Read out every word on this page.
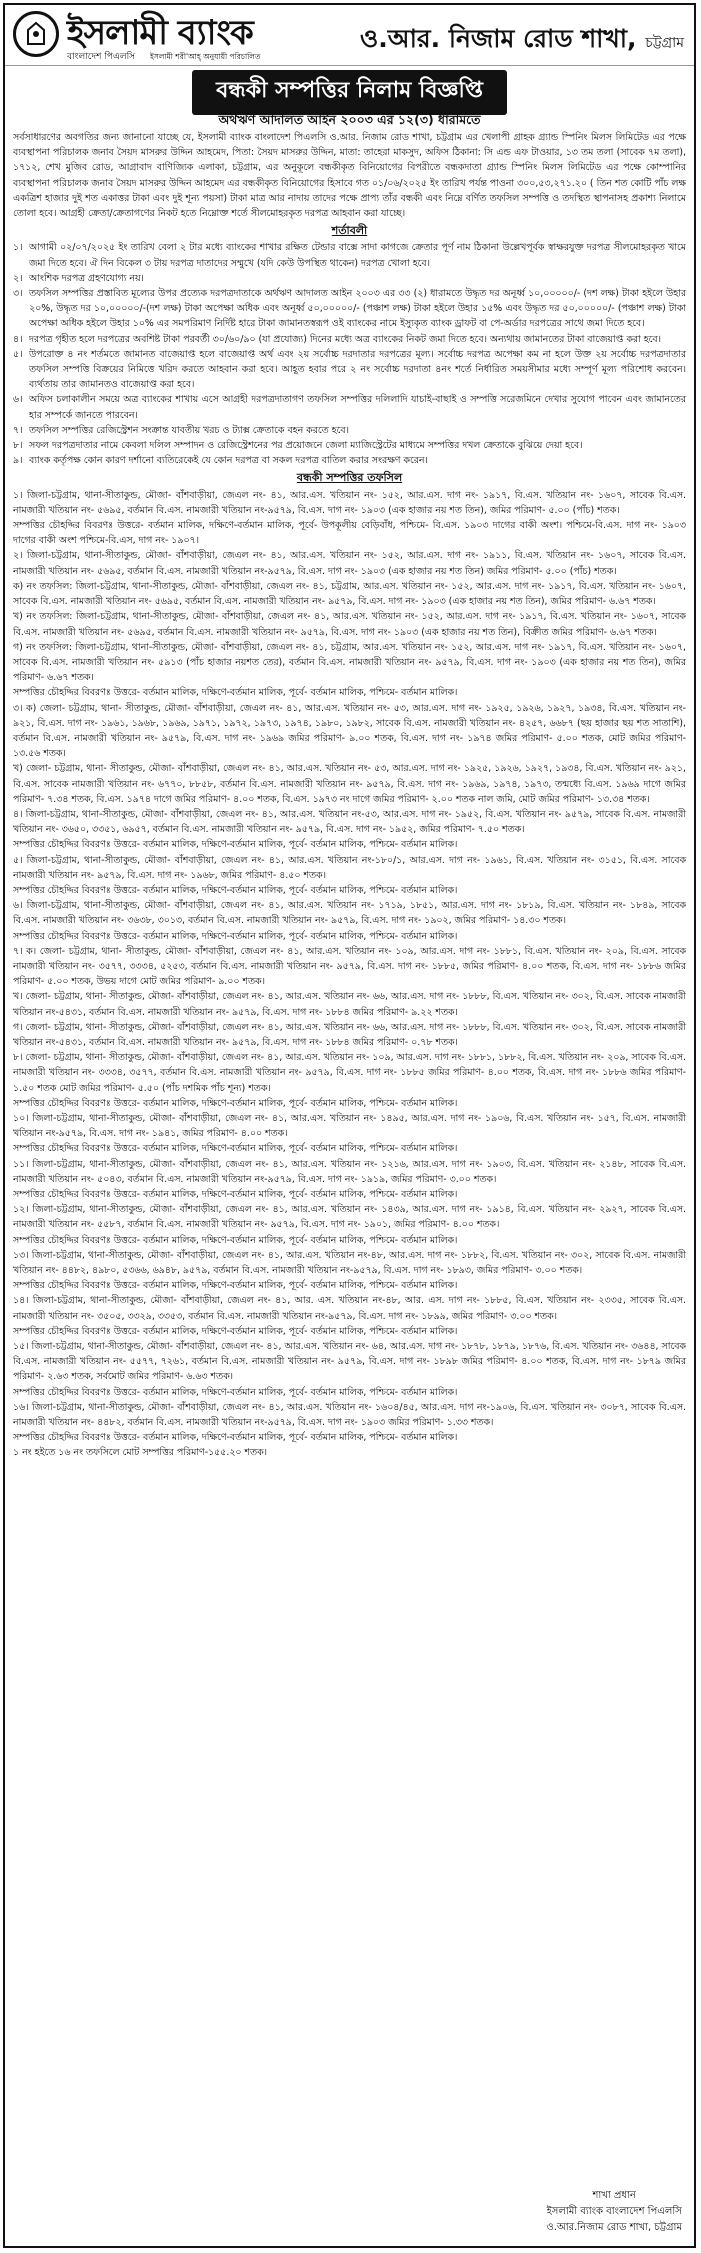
ইসলামী ব্যাংক
বাংলাদেশ পিএলসি ইসলামী শরী'আহ্ অনুযায়ী পরিচালিত
ও.আর. নিজাম রোড শাখা, চট্টগ্রাম
বন্ধকী সম্পত্তির নিলাম বিজ্ঞপ্তি
অর্থঋণ আদালত আইন ২০০৩ এর ১২(৩) ধারামতে

সর্বসাধারণের অবগতির জন্য জানানো যাচ্ছে যে, ইসলামী ব্যাংক বাংলাদেশ পিএলসি ও.আর. নিজাম রোড শাখা, চট্টগ্রাম এর খেলাপী গ্রাহক গ্র্যান্ড স্পিনিং মিলস লিমিটেড এর পক্ষে ব্যবস্থাপনা পরিচালক জনাব সৈয়দ মাসরুর উদ্দিন আহমেদ, পিতা: সৈয়দ মাসরুর উদ্দিন, মাতা: তাহেরা মাকসুদ, অফিস ঠিকানা: সি এন্ড এফ টাওয়ার, ১৩ তম তলা (সাবেক ৭ম তলা), ১৭১২, শেখ মুজিব রোড, আগ্রাবাদ বাণিজ্যিক এলাকা, চট্টগ্রাম, এর অনুকূলে বন্ধকীকৃত বিনিয়োগের বিপরীতে বন্ধকদাতা গ্র্যান্ড স্পিনিং মিলস লিমিটেড এর পক্ষে কোম্পানির ব্যবস্থাপনা পরিচালক জনাব সৈয়দ মাসরুর উদ্দিন আহমেদ এর বন্ধকীকৃত বিনিয়োগের হিসাবে গত ০১/০৬/২০২৫ ইং তারিখ পর্যন্ত পাওনা ৩০০,৫৩,২৭১.২০ ( তিন শত কোটি পাঁচ লক্ষ একত্রিশ হাজার দুই শত একাত্তর টাকা এবং দুই শূন্য পয়সা) টাকা মাত্র আর নাদায় তাদের পক্ষে প্রাপ্য তাঁর বন্ধকী এবং নিম্নে বর্ণিত তফসিল সম্পত্তি ও তদস্থিত স্থাপনাসহ প্রকাশ্য নিলামে তোলা হবে। আগ্রহী ক্রেতা/ক্রেতাগণের নিকট হতে নিম্নোক্ত শর্তে সীলমোহরকৃত দরপত্র আহবান করা যাচ্ছে।

শর্তাবলী
১। আগামী ০২/০৭/২০২৫ ইং তারিখ বেলা ২ টার মধ্যে ব্যাংকের শাখার রক্ষিত টেন্ডার বাক্সে সাদা কাগজে ক্রেতার পূর্ণ নাম ঠিকানা উল্লেখপূর্বক স্বাক্ষরযুক্ত দরপত্র সীলমোহরকৃত খামে জমা দিতে হবে। ঐ দিন বিকেল ৩ টায় দরপত্র দাতাদের সম্মুখে (যদি কেউ উপস্থিত থাকেন) দরপত্র খোলা হবে।
২। আংশিক দরপত্র গ্রহণযোগ্য নয়।
৩। তফসিল সম্পত্তির প্রস্তাবিত মূল্যের উপর প্রত্যেক দরপত্রদাতাকে অর্থঋণ আদালত আইন ২০০৩ এর ৩৩ (২) ধারামতে উদ্ধৃত দর অনূর্ধ্ব ১০,০০০০০/- (দশ লক্ষ) টাকা হইলে উহার ২০%, উদ্ধৃত দর ১০,০০০০০/-(দশ লক্ষ) টাকা অপেক্ষা অধিক এবং অনূর্ধ্ব ৫০,০০০০০/- (পঞ্চাশ লক্ষ) টাকা হইলে উহার ১৫% এবং উদ্ধৃত দর ৫০,০০০০০/- (পঞ্চাশ লক্ষ) টাকা অপেক্ষা অধিক হইলে উহার ১০% এর সমপরিমাণ নির্দিষ্ট হারে টাকা জামানতস্বরূপ ওই ব্যাংকের নামে ইস্যুকৃত ব্যাংক ড্রাফট বা পে-অর্ডার দরপত্রের সাথে জমা দিতে হবে।
৪। দরপত্র গৃহীত হলে দরপত্রের অবশিষ্ট টাকা পরবর্তী ৩০/৬০/৯০ (যা প্রযোজ্য) দিনের মধ্যে অত্র ব্যাংকের নিকট জমা দিতে হবে। অন্যথায় জামানতের টাকা বাজেয়াপ্ত করা হবে।
৫। উপরোক্ত ৪ নং শর্তমতে জামানত বাজেয়াপ্ত হলে বাজেয়াপ্ত অর্থ এবং ২য় সর্বোচ্চ দরদাতার দরপত্রের মূল্য। সর্বোচ্চ দরপত্র অপেক্ষা কম না হলে উক্ত ২য় সর্বোচ্চ দরপত্রদাতার তফসিল সম্পত্তি বিক্রয়ের নিমিত্তে খরিদ করতে আহবান করা হবে। আহূত হবার পরে ২ নং সর্বোচ্চ দরদাতা ৪নং শর্তে নির্ধারিত সময়সীমার মধ্যে সম্পূর্ণ মূল্য পরিশোধ করবেন। ব্যর্থতায় তার জামানতও বাজেয়াপ্ত করা হবে।
৬। অফিস চলাকালীন সময়ে অত্র ব্যাংকের শাখায় এসে আগ্রহী দরপত্রদাতাগণ তফসিল সম্পত্তির দলিলাদি যাচাই-বাছাই ও সম্পত্তি সরেজমিনে দেখার সুযোগ পাবেন এবং জামানতের হার সম্পর্কে জানতে পারবেন।
৭। তফসিল সম্পত্তির রেজিস্ট্রেশন সংক্রান্ত যাবতীয় খরচ ও ট্যাক্স ক্রেতাকে বহন করতে হবে।
৮। সফল দরপত্রদাতার নামে কেবলা দলিল সম্পাদন ও রেজিস্ট্রেশনের পর প্রয়োজনে জেলা ম্যাজিস্ট্রেটের মাধ্যমে সম্পত্তির দখল ক্রেতাকে বুঝিয়ে দেয়া হবে।
৯। ব্যাংক কর্তৃপক্ষ কোন কারণ দর্শানো ব্যতিরেকেই যে কোন দরপত্র বা সকল দরপত্র বাতিল করার সংরক্ষণ করেন।
বন্ধকী সম্পত্তির তফসিল

১। জিলা-চট্টগ্রাম, থানা-সীতাকুন্ড, মৌজা- বাঁশবাড়ীয়া, জেএল নং- ৪১, আর.এস. খতিয়ান নং- ১৫২, আর.এস. দাগ নং- ১৯১৭, বি.এস. খতিয়ান নং- ১৬০৭, সাবেক বি.এস. নামজারী খতিয়ান নং- ৫৬৯৫, বর্তমান বি.এস. নামজারী খতিয়ান নং-৯৫৭৯, বি.এস. দাগ নং- ১৯০৩ (এক হাজার নয় শত তিন), জমির পরিমাণ- ৫.০০ (পাঁচ) শতক।

সম্পত্তির চৌহদ্দির বিবরণঃ উত্তরে- বর্তমান মালিক, দক্ষিণে-বর্তমান মালিক, পূর্বে- উপকূলীয় বেড়িবাঁধ, পশ্চিমে- বি.এস. ১৯০৩ দাগের বাকী অংশ। পশ্চিমে-বি.এস. দাগ নং- ১৯০৩ দাগের বাকী অংশ পশ্চিমে-বি.এস, দাগ নং- ১৯০৭।

২। জিলা-চট্টগ্রাম, থানা-সীতাকুন্ড, মৌজা- বাঁশবাড়ীয়া, জেএল নং- ৪১, আর.এস. খতিয়ান নং- ১৫২, আর.এস. দাগ নং- ১৯১১, বি.এস. খতিয়ান নং- ১৬০৭, সাবেক বি.এস. নামজারী খতিয়ান নং- ৫৬৯৫, বর্তমান বি.এস. নামজারী খতিয়ান নং-৯৫৭৯, বি.এস. দাগ নং- ১৯০৩ (এক হাজার নয় শত তিন) জমির পরিমাণ- ৫.০০ (পাঁচ) শতক।

ক) নং তফসিল: জিলা-চট্টগ্রাম, থানা-সীতাকুন্ড, মৌজা- বাঁশবাড়ীয়া, জেএল নং- ৪১, চট্টগ্রাম, আর.এস. খতিয়ান নং- ১৫২, আর.এস. দাগ নং- ১৯১৭, বি.এস. খতিয়ান নং- ১৬০৭, সাবেক বি.এস. নামজারী খতিয়ান নং- ৫৬৯৫, বর্তমান বি.এস. নামজারী খতিয়ান নং- ৯৫৭৯, বি.এস. দাগ নং- ১৯০৩ (এক হাজার নয় শত তিন), জমির পরিমাণ- ৬.৬৭ শতক।

খ) নং তফসিল: জিলা-চট্টগ্রাম, থানা-সীতাকুন্ড, মৌজা- বাঁশবাড়ীয়া, জেএল নং- ৪১, আর.এস. খতিয়ান নং- ১৫২, আর.এস. দাগ নং- ১৯১৭, বি.এস. খতিয়ান নং- ১৬০৭, সাবেক বি.এস. নামজারী খতিয়ান নং- ৫৬৯৫, বর্তমান বি.এস. নামজারী খতিয়ান নং- ৯৫৭৯, বি.এস. দাগ নং- ১৯০৩ (এক হাজার নয় শত তিন), বিক্রীত জমির পরিমাণ- ৬.৬৭ শতক।

গ) নং তফসিল: জিলা-চট্টগ্রাম, থানা-সীতাকুন্ড, মৌজা- বাঁশবাড়ীয়া, জেএল নং- ৪১, চট্টগ্রাম, আর.এস. খতিয়ান নং- ১৫২, আর.এস. দাগ নং- ১৯১৭, বি.এস. খতিয়ান নং- ১৬০৭, সাবেক বি.এস. নামজারী খতিয়ান নং- ৫৯১৩ (পাঁচ হাজার নয়শত তের), বর্তমান বি.এস. নামজারী খতিয়ান নং- ৯৫৭৯, বি.এস. দাগ নং- ১৯০৩ (এক হাজার নয় শত তিন), জমির পরিমাণ- ৬.৬৭ শতক।

সম্পত্তির চৌহদ্দির বিবরণঃ উত্তরে- বর্তমান মালিক, দক্ষিণে-বর্তমান মালিক, পূর্বে- বর্তমান মালিক, পশ্চিমে- বর্তমান মালিক।

৩। ক) জেলা- চট্টগ্রাম, থানা- সীতাকুন্ড, মৌজা- বাঁশবাড়ীয়া, জেএল নং- ৪১, আর.এস. খতিয়ান নং- ৫৩, আর.এস. দাগ নং- ১৯২৫, ১৯২৬, ১৯২৭, ১৯৩৪, বি.এস. খতিয়ান নং- ৯২১, বি.এস. দাগ নং- ১৯৬১, ১৯৬৮, ১৯৬৯, ১৯৭১, ১৯৭২, ১৯৭৩, ১৯৭৪, ১৯৮০, ১৯৮২, সাবেক বি.এস. নামজারী খতিয়ান নং- ৪২৫৭, ৬৬৮৭ (ছয় হাজার ছয় শত সাতাশি), বর্তমান বি.এস. নামজারী খতিয়ান নং- ৯৫৭৯, বি.এস. দাগ নং- ১৯৬৯ জমির পরিমাণ- ৯.০০ শতক, বি.এস. দাগ নং- ১৯৭৪ জমির পরিমাণ- ৫.০০ শতক, মোট জমির পরিমাণ- ১৩.৫৬ শতক।

খ) জেলা- চট্টগ্রাম, থানা- সীতাকুন্ড, মৌজা- বাঁশবাড়ীয়া, জেএল নং- ৪১, আর.এস. খতিয়ান নং- ৫৩, আর.এস. দাগ নং- ১৯২৫, ১৯২৬, ১৯২৭, ১৯৩৪, বি.এস. খতিয়ান নং- ৯২১, বি.এস. সাবেক নামজারী খতিয়ান নং- ৬৭৭০, ৮৮৫৮, বর্তমান বি.এস. নামজারী খতিয়ান নং- ৯৫৭৯, বি.এস. দাগ নং- ১৯৬৯, ১৯৭৪, ১৯৭৩, তন্মধ্যে বি.এস. ১৯৬৯ দাগে জমির পরিমাণ- ৭.৩৪ শতক, বি.এস. ১৯৭৪ দাগে জমির পরিমাণ- ৪.০০ শতক, বি.এস. ১৯৭৩ নং দাগে জমির পরিমাণ- ২.০০ শতক নাল জমি, মোট জমির পরিমাণ- ১৩.৩৪ শতক।

৪। জিলা-চট্টগ্রাম, থানা-সীতাকুন্ড, মৌজা- বাঁশবাড়ীয়া, জেএল নং- ৪১, আর.এস. খতিয়ান নং-৫৩, আর.এস. দাগ নং- ১৯৫২, বি.এস. খতিয়ান নং- ৯৫৭৯, সাবেক বি.এস. নামজারী খতিয়ান নং- ৩৬৫০, ৩৩৫১, ৬৯৫৭, বর্তমান বি.এস. নামজারী খতিয়ান নং- ৯৫৭৯, বি.এস. দাগ নং- ১৯৫২, জমির পরিমাণ- ৭.৫০ শতক।

সম্পত্তির চৌহদ্দির বিবরণঃ উত্তরে- বর্তমান মালিক, দক্ষিণে-বর্তমান মালিক, পূর্বে- বর্তমান মালিক, পশ্চিমে- বর্তমান মালিক।

৫। জিলা-চট্টগ্রাম, থানা-সীতাকুন্ড, মৌজা- বাঁশবাড়ীয়া, জেএল নং- ৪১, আর.এস. খতিয়ান নং-১৮০/১, আর.এস. দাগ নং- ১৯৬১, বি.এস. খতিয়ান নং- ৩১৫১, বি.এস. সাবেক নামজারী খতিয়ান নং- ৯৫৭৯, বি.এস. দাগ নং- ১৯৬৮, জমির পরিমাণ- ৪.৫০ শতক।

সম্পত্তির চৌহদ্দির বিবরণঃ উত্তরে- বর্তমান মালিক, দক্ষিণে-বর্তমান মালিক, পূর্বে- বর্তমান মালিক, পশ্চিমে- বর্তমান মালিক।

৬। জিলা-চট্টগ্রাম, থানা-সীতাকুন্ড, মৌজা- বাঁশবাড়ীয়া, জেএল নং- ৪১, আর.এস. খতিয়ান নং- ১৭১৯, ১৮৫১, আর.এস. দাগ নং- ১৮১৯, বি.এস. খতিয়ান নং- ১৮৪৯, সাবেক বি.এস. নামজারী খতিয়ান নং- ৩৬৩৮, ৩০১৩, বর্তমান বি.এস. নামজারী খতিয়ান নং- ৯৫৭৯, বি.এস. দাগ নং- ১৯০২, জমির পরিমাণ- ১৪.৩০ শতক।

সম্পত্তির চৌহদ্দির বিবরণঃ উত্তরে- বর্তমান মালিক, দক্ষিণে-বর্তমান মালিক, পূর্বে- বর্তমান মালিক, পশ্চিমে- বর্তমান মালিক।

৭। ক। জেলা- চট্টগ্রাম, থানা- সীতাকুন্ড, মৌজা- বাঁশবাড়ীয়া, জেএল নং- ৪১, আর.এস. খতিয়ান নং- ১০৯, আর.এস. দাগ নং- ১৮৮১, বি.এস. খতিয়ান নং- ২০৯, বি.এস. সাবেক নামজারী খতিয়ান নং- ৩৫৭৭, ৩৩৩৪, ৫২৫৩, বর্তমান বি.এস. নামজারী খতিয়ান নং- ৯৫৭৯, বি.এস. দাগ নং- ১৮৮৫, জমির পরিমাণ- ৪.০০ শতক, বি.এস. দাগ নং- ১৮৮৬ জমির পরিমাণ- ৫.০০ শতক, উভয় দাগে মোট জমির পরিমাণ- ৯.০০ শতক।

খ। জেলা- চট্টগ্রাম, থানা- সীতাকুন্ড, মৌজা- বাঁশবাড়ীয়া, জেএল নং- ৪১, আর.এস. খতিয়ান নং- ৬৬, আর.এস. দাগ নং- ১৮৮৮, বি.এস. খতিয়ান নং- ৩০২, বি.এস. সাবেক নামজারী খতিয়ান নং-৫৪৩১, বর্তমান বি.এস. নামজারী খতিয়ান নং- ৯৫৭৯, বি.এস. দাগ নং- ১৮৮৪ জমির পরিমাণ- ৯.২২ শতক।

গ। জেলা- চট্টগ্রাম, থানা- সীতাকুন্ড, মৌজা- বাঁশবাড়ীয়া, জেএল নং- ৪১, আর.এস. খতিয়ান নং- ৬৬, আর.এস. দাগ নং- ১৮৮৮, বি.এস. খতিয়ান নং- ৩০২, বি.এস. সাবেক নামজারী খতিয়ান নং-৫৪৩১, বর্তমান বি.এস. নামজারী খতিয়ান নং- ৯৫৭৯, বি.এস. দাগ নং- ১৮৮৪ জমির পরিমাণ- ০.৭৮ শতক।

৮। জেলা- চট্টগ্রাম, থানা- সীতাকুন্ড, মৌজা- বাঁশবাড়ীয়া, জেএল নং- ৪১, আর.এস. খতিয়ান নং- ১০৯, আর.এস. দাগ নং- ১৮৮১, ১৮৮২, বি.এস. খতিয়ান নং- ২০৯, সাবেক বি.এস. নামজারী খতিয়ান নং- ৩৩৩৪, ৩৫৭৭, বর্তমান বি.এস. নামজারী খতিয়ান নং- ৯৫৭৯, বি.এস. দাগ নং- ১৮৮৫ জমির পরিমাণ- ৪.০০ শতক, বি.এস. দাগ নং- ১৮৮৬ জমির পরিমাণ- ১.৫০ শতক মোট জমির পরিমাণ- ৫.৫০ (পাঁচ দশমিক পাঁচ শূন্য) শতক।

সম্পত্তির চৌহদ্দির বিবরণঃ উত্তরে- বর্তমান মালিক, দক্ষিণে-বর্তমান মালিক, পূর্বে- বর্তমান মালিক, পশ্চিমে- বর্তমান মালিক।

১০। জিলা-চট্টগ্রাম, থানা-সীতাকুন্ড, মৌজা- বাঁশবাড়ীয়া, জেএল নং- ৪১, আর.এস. খতিয়ান নং- ১৪৯৫, আর.এস. দাগ নং- ১৯০৬, বি.এস. খতিয়ান নং- ১৫৭, বি.এস. নামজারী খতিয়ান নং-৯৫৭৯, বি.এস. দাগ নং- ১৯৪১, জমির পরিমাণ- ৪.০০ শতক।

সম্পত্তির চৌহদ্দির বিবরণঃ উত্তরে- বর্তমান মালিক, দক্ষিণে-বর্তমান মালিক, পূর্বে- বর্তমান মালিক, পশ্চিমে- বর্তমান মালিক।

১১। জিলা-চট্টগ্রাম, থানা-সীতাকুন্ড, মৌজা- বাঁশবাড়ীয়া, জেএল নং- ৪১, আর.এস. খতিয়ান নং- ১২১৬, আর.এস. দাগ নং- ১৯০৩, বি.এস. খতিয়ান নং- ২১৪৮, সাবেক বি.এস. নামজারী খতিয়ান নং- ৫০৪৩, বর্তমান বি.এস. নামজারী খতিয়ান নং-৯৫৭৯, বি.এস. দাগ নং- ১৯১৯, জমির পরিমাণ- ৩.০০ শতক।

সম্পত্তির চৌহদ্দির বিবরণঃ উত্তরে- বর্তমান মালিক, দক্ষিণে-বর্তমান মালিক, পূর্বে- বর্তমান মালিক, পশ্চিমে- বর্তমান মালিক।

১২। জিলা-চট্টগ্রাম, থানা-সীতাকুন্ড, মৌজা- বাঁশবাড়ীয়া, জেএল নং- ৪১, আর.এস. খতিয়ান নং- ১৪৩৯, আর.এস. দাগ নং- ১৯১৪, বি.এস. খতিয়ান নং- ২৯২৭, সাবেক বি.এস. নামজারী খতিয়ান নং- ৫৫৮৭, বর্তমান বি.এস. নামজারী খতিয়ান নং- ৯৫৭৯, বি.এস. দাগ নং- ১৯০১, জমির পরিমাণ- ৪.০০ শতক।

সম্পত্তির চৌহদ্দির বিবরণঃ উত্তরে- বর্তমান মালিক, দক্ষিণে-বর্তমান মালিক, পূর্বে- বর্তমান মালিক, পশ্চিমে- বর্তমান মালিক।

১৩। জিলা-চট্টগ্রাম, থানা-সীতাকুন্ড, মৌজা- বাঁশবাড়ীয়া, জেএল নং- ৪১, আর.এস. খতিয়ান নং-৪৮, আর.এস. দাগ নং- ১৮৮২, বি.এস. খতিয়ান নং- ৩০২, সাবেক বি.এস. নামজারী খতিয়ান নং- ৪৪৮২, ৪৯৮০, ৫৩৬৬, ৬৯৪৮, ৯৫৭৯, বর্তমান বি.এস. নামজারী খতিয়ান নং-৯৫৭৯, বি.এস. দাগ নং- ১৮৯৩, জমির পরিমাণ- ৩.০০ শতক।

সম্পত্তির চৌহদ্দির বিবরণঃ উত্তরে- বর্তমান মালিক, দক্ষিণে-বর্তমান মালিক, পূর্বে- বর্তমান মালিক, পশ্চিমে- বর্তমান মালিক।

১৪। জিলা-চট্টগ্রাম, থানা-সীতাকুন্ড, মৌজা- বাঁশবাড়ীয়া, জেএল নং- ৪১, আর. এস. খতিয়ান নং-৪৮, আর. এস. দাগ নং- ১৮৮৫, বি.এস. খতিয়ান নং- ২৩৩৫, সাবেক বি.এস. নামজারী খতিয়ান নং- ৩৫০৫, ৩৩২৯, ৩৩৫৩, বর্তমান বি.এস. নামজারী খতিয়ান নং-৯৫৭৯, বি.এস. দাগ নং- ১৮৯৯, জমির পরিমাণ- ৩.০০ শতক।

সম্পত্তির চৌহদ্দির বিবরণঃ উত্তরে- বর্তমান মালিক, দক্ষিণে-বর্তমান মালিক, পূর্বে- বর্তমান মালিক, পশ্চিমে- বর্তমান মালিক।

১৫। জিলা-চট্টগ্রাম, থানা-সীতাকুন্ড, মৌজা- বাঁশবাড়ীয়া, জেএল নং- ৪১, আর.এস. খতিয়ান নং- ৬৪, আর.এস. দাগ নং- ১৮৭৮, ১৮৭৯, ১৮৭৬, বি.এস. খতিয়ান নং- ৩৬৪৪, সাবেক বি.এস. নামজারী খতিয়ান নং- ৫৫৭৭, ৭২৬১, বর্তমান বি.এস. নামজারী খতিয়ান নং- ৯৫৭৯, বি.এস. দাগ নং- ১৮৯৮ জমির পরিমাণ- ৪.০০ শতক, বি.এস. দাগ নং- ১৮৭৯ জমির পরিমাণ- ২.৬৩ শতক, সর্বমোট জমির পরিমাণ- ৬.৬৩ শতক।

সম্পত্তির চৌহদ্দির বিবরণঃ উত্তরে- বর্তমান মালিক, দক্ষিণে-বর্তমান মালিক, পূর্বে- বর্তমান মালিক, পশ্চিমে- বর্তমান মালিক।

১৬। জিলা-চট্টগ্রাম, থানা-সীতাকুন্ড, মৌজা- বাঁশবাড়ীয়া, জেএল নং- ৪১, আর.এস. খতিয়ান নং- ১৬০৪/৪৫, আর.এস. দাগ নং-১৯০৬, বি.এস. খতিয়ান নং- ৩০৮৭, সাবেক বি.এস. নামজারী খতিয়ান নং- ৪৪৮২, বর্তমান বি.এস. নামজারী খতিয়ান নং-৯৫৭৯, বি.এস. দাগ নং- ১৯০৩ জমির পরিমাণ- ১.৩৩ শতক।

সম্পত্তির চৌহদ্দির বিবরণঃ উত্তরে- বর্তমান মালিক, দক্ষিণে-বর্তমান মালিক, পূর্বে- বর্তমান মালিক, পশ্চিমে- বর্তমান মালিক।

১ নং হইতে ১৬ নং তফসিলে মোট সম্পত্তির পরিমাণ-১৫৫.২০ শতক।

শাখা প্রধান
ইসলামী ব্যাংক বাংলাদেশ পিএলসি
ও.আর.নিজাম রোড শাখা, চট্টগ্রাম
